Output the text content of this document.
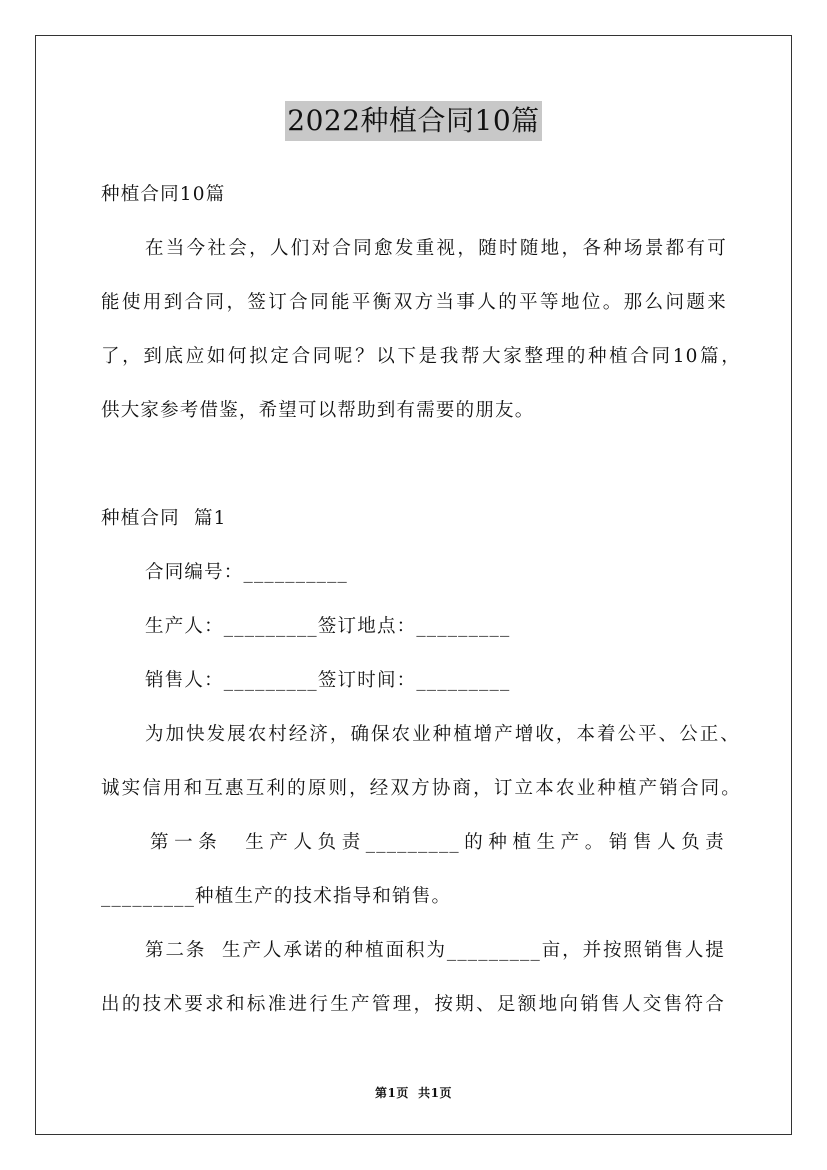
2022种植合同10篇
种植合同10篇
在当今社会，人们对合同愈发重视，随时随地，各种场景都有可
能使用到合同，签订合同能平衡双方当事人的平等地位。那么问题来
了，到底应如何拟定合同呢？以下是我帮大家整理的种植合同10篇，
供大家参考借鉴，希望可以帮助到有需要的朋友。
种植合同  篇1
合同编号：__________
生产人：_________签订地点：_________
销售人：_________签订时间：_________
为加快发展农村经济，确保农业种植增产增收，本着公平、公正、
诚实信用和互惠互利的原则，经双方协商，订立本农业种植产销合同。
第一条  生产人负责_________的种植生产。销售人负责
_________种植生产的技术指导和销售。
第二条  生产人承诺的种植面积为_________亩，并按照销售人提
出的技术要求和标准进行生产管理，按期、足额地向销售人交售符合
第1页  共1页
